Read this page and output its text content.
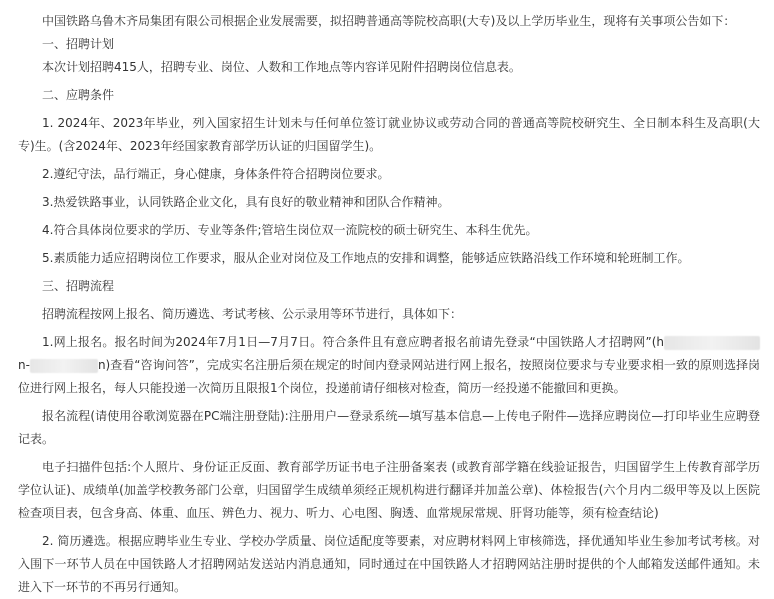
中国铁路乌鲁木齐局集团有限公司根据企业发展需要，拟招聘普通高等院校高职(大专)及以上学历毕业生，现将有关事项公告如下：

一、招聘计划

本次计划招聘415人，招聘专业、岗位、人数和工作地点等内容详见附件招聘岗位信息表。

二、应聘条件

1. 2024年、2023年毕业，列入国家招生计划未与任何单位签订就业协议或劳动合同的普通高等院校研究生、全日制本科生及高职(大专)生。(含2024年、2023年经国家教育部学历认证的归国留学生)。

2.遵纪守法，品行端正，身心健康，身体条件符合招聘岗位要求。

3.热爱铁路事业，认同铁路企业文化，具有良好的敬业精神和团队合作精神。

4.符合具体岗位要求的学历、专业等条件;管培生岗位双一流院校的硕士研究生、本科生优先。

5.素质能力适应招聘岗位工作要求，服从企业对岗位及工作地点的安排和调整，能够适应铁路沿线工作环境和轮班制工作。

三、招聘流程

招聘流程按网上报名、简历遴选、考试考核、公示录用等环节进行，具体如下：

1.网上报名。报名时间为2024年7月1日—7月7日。符合条件且有意应聘者报名前请先登录“中国铁路人才招聘网”(hn-	n)查看“咨询问答”，完成实名注册后须在规定的时间内登录网站进行网上报名，按照岗位要求与专业要求相一致的原则选择岗位进行网上报名，每人只能投递一次简历且限报1个岗位，投递前请仔细核对检查，简历一经投递不能撤回和更换。

报名流程(请使用谷歌浏览器在PC端注册登陆):注册用户—登录系统—填写基本信息—上传电子附件—选择应聘岗位—打印毕业生应聘登记表。

电子扫描件包括:个人照片、身份证正反面、教育部学历证书电子注册备案表 (或教育部学籍在线验证报告，归国留学生上传教育部学历学位认证)、成绩单(加盖学校教务部门公章，归国留学生成绩单须经正规机构进行翻译并加盖公章)、体检报告(六个月内二级甲等及以上医院检查项目表，包含身高、体重、血压、辨色力、视力、听力、心电图、胸透、血常规尿常规、肝肾功能等，须有检查结论)

2. 简历遴选。根据应聘毕业生专业、学校办学质量、岗位适配度等要素，对应聘材料网上审核筛选，择优通知毕业生参加考试考核。对入围下一环节人员在中国铁路人才招聘网站发送站内消息通知，同时通过在中国铁路人才招聘网站注册时提供的个人邮箱发送邮件通知。未进入下一环节的不再另行通知。
